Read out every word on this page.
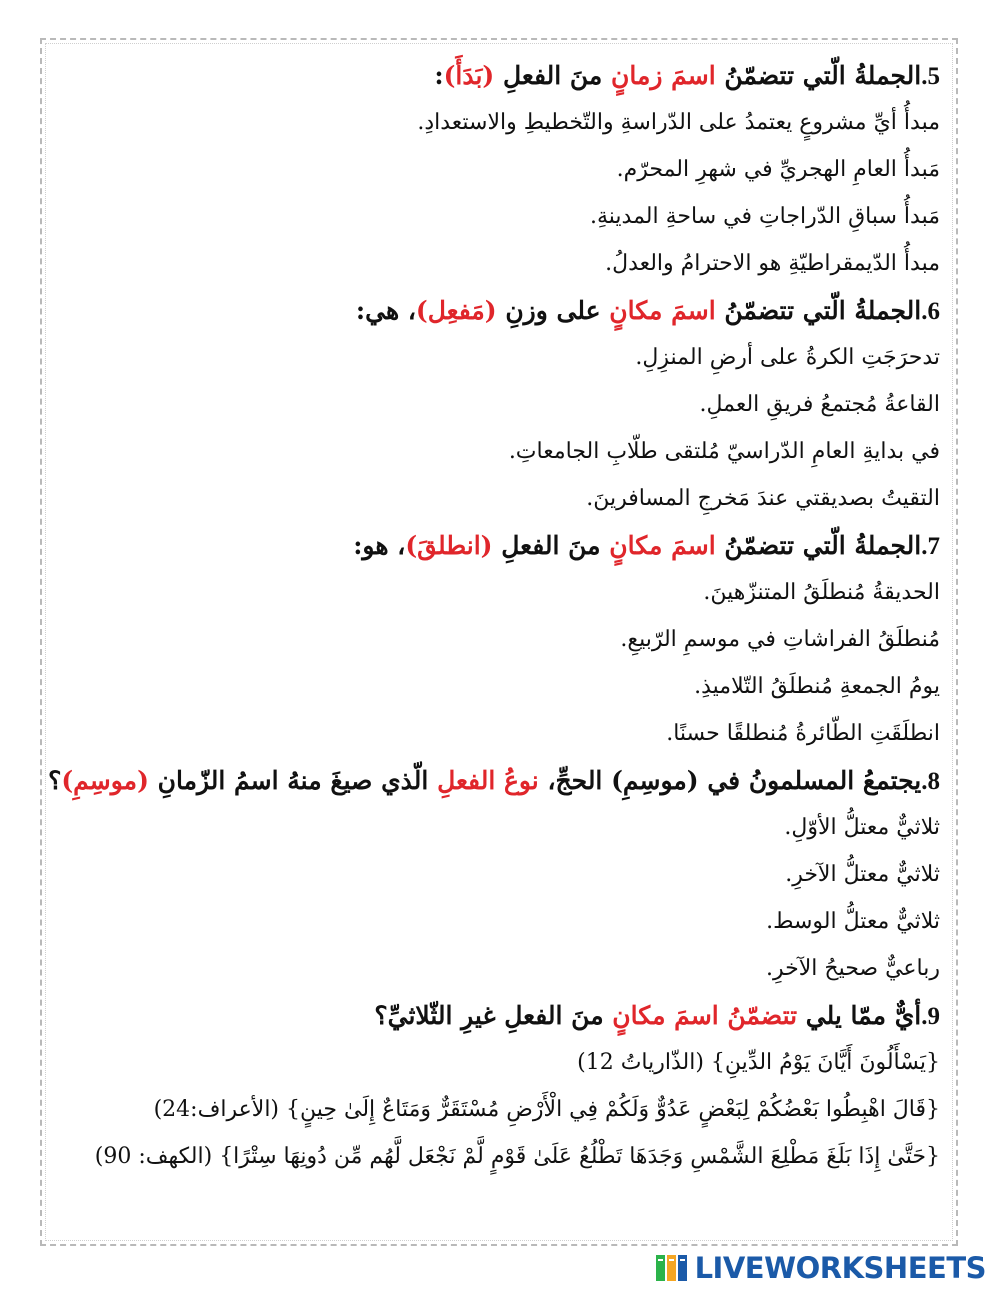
5.الجملةُ الّتي تتضمّنُ اسمَ زمانٍ منَ الفعلِ (بَدَأَ):
مبدأُ أيِّ مشروعٍ يعتمدُ على الدّراسةِ والتّخطيطِ والاستعدادِ.
مَبدأُ العامِ الهجريِّ في شهرِ المحرّم.
مَبدأُ سباقِ الدّراجاتِ في ساحةِ المدينةِ.
مبدأُ الدّيمقراطيّةِ هو الاحترامُ والعدلُ.
6.الجملةُ الّتي تتضمّنُ اسمَ مكانٍ على وزنِ (مَفعِل)، هي:
تدحرَجَتِ الكرةُ على أرضِ المنزِلِ.
القاعةُ مُجتمعُ فريقِ العملِ.
في بدايةِ العامِ الدّراسيّ مُلتقى طلّابِ الجامعاتِ.
التقيتُ بصديقتي عندَ مَخرجِ المسافرينَ.
7.الجملةُ الّتي تتضمّنُ اسمَ مكانٍ منَ الفعلِ (انطلقَ)، هو:
الحديقةُ مُنطلَقُ المتنزّهينَ.
مُنطلَقُ الفراشاتِ في موسمِ الرّبيعِ.
يومُ الجمعةِ مُنطلَقُ التّلاميذِ.
انطلَقَتِ الطّائرةُ مُنطلقًا حسنًا.
8.يجتمعُ المسلمونُ في (موسِمِ) الحجِّ، نوعُ الفعلِ الّذي صيغَ منهُ اسمُ الزّمانِ (موسِمِ)؟
ثلاثيٌّ معتلُّ الأوّلِ.
ثلاثيٌّ معتلُّ الآخرِ.
ثلاثيٌّ معتلُّ الوسط.
رباعيٌّ صحيحُ الآخرِ.
9.أيٌّ ممّا يلي تتضمّنُ اسمَ مكانٍ منَ الفعلِ غيرِ الثّلاثيِّ؟
{يَسْأَلُونَ أَيَّانَ يَوْمُ الدِّينِ} (الذّارياتُ 12)
{قَالَ اهْبِطُوا بَعْضُكُمْ لِبَعْضٍ عَدُوٌّ وَلَكُمْ فِي الْأَرْضِ مُسْتَقَرٌّ وَمَتَاعٌ إِلَىٰ حِينٍ} (الأعراف:24)
{حَتَّىٰ إِذَا بَلَغَ مَطْلِعَ الشَّمْسِ وَجَدَهَا تَطْلُعُ عَلَىٰ قَوْمٍ لَّمْ نَجْعَل لَّهُم مِّن دُونِهَا سِتْرًا} (الكهف: 90)
LIVEWORKSHEETS
